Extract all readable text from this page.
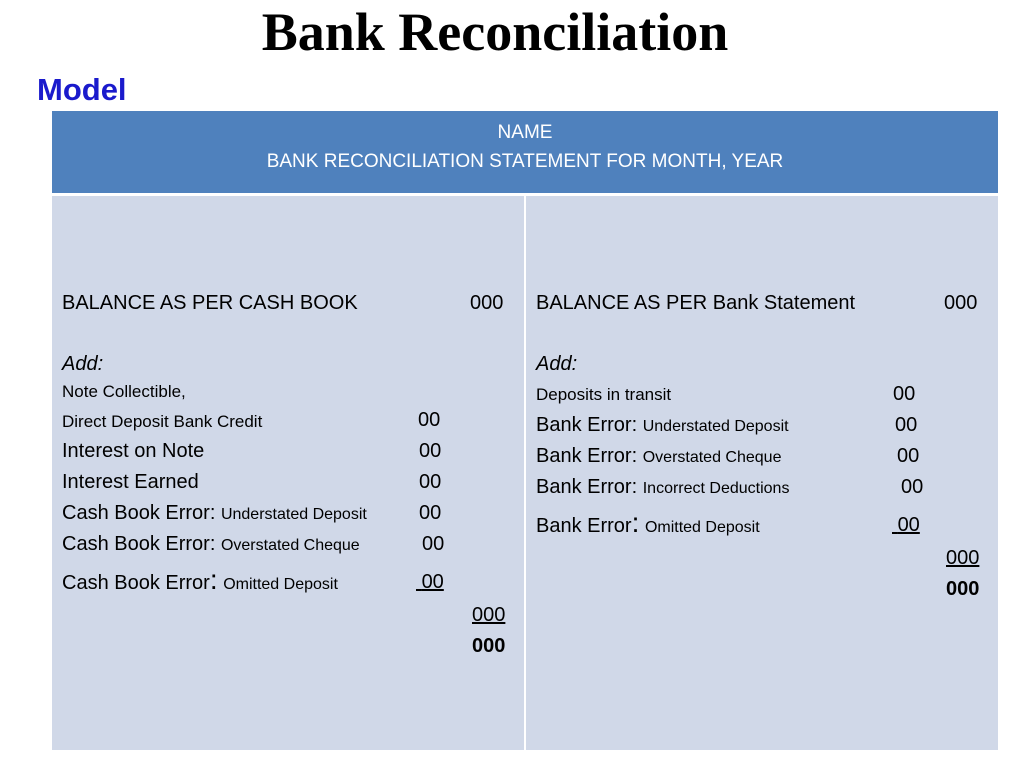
Bank Reconciliation
Model
NAME
BANK RECONCILIATION STATEMENT FOR MONTH, YEAR
BALANCE AS PER CASH BOOK	000
Add:
Note Collectible,
Direct Deposit Bank Credit	00
Interest on Note	00
Interest Earned	00
Cash Book Error: Understated Deposit	00
Cash Book Error: Overstated Cheque	00
Cash Book Error: Omitted Deposit	00
000
000
BALANCE AS PER Bank Statement	000
Add:
Deposits in transit	00
Bank Error: Understated Deposit	00
Bank Error: Overstated Cheque	00
Bank Error: Incorrect Deductions	00
Bank Error: Omitted Deposit	00
000
000
